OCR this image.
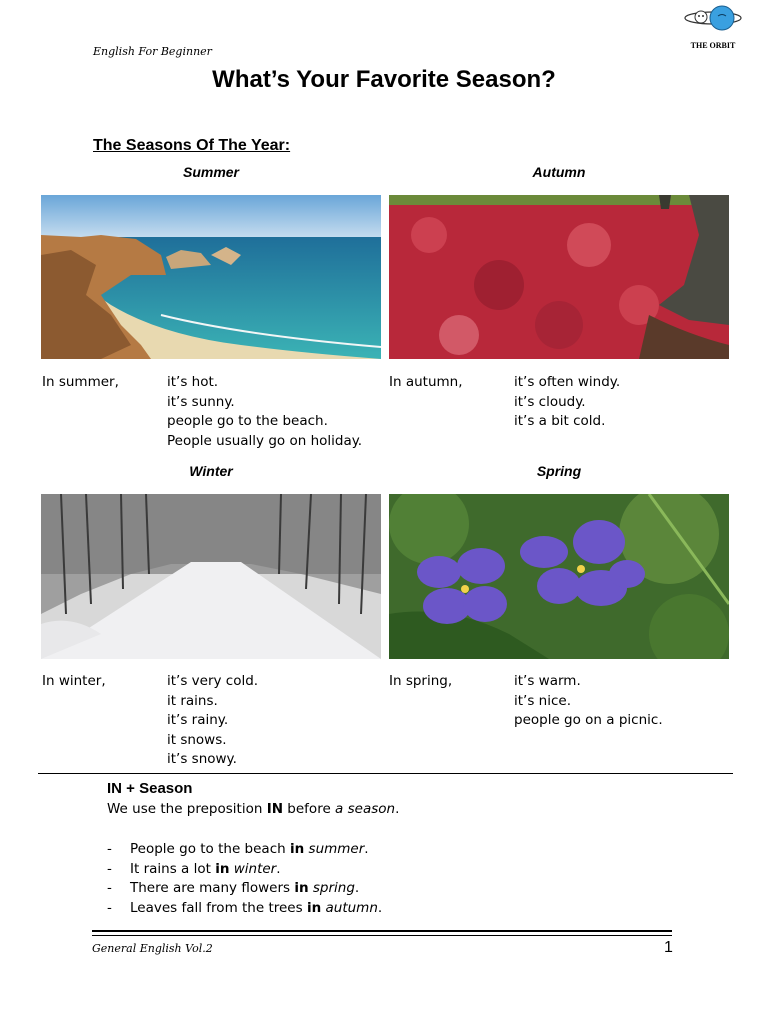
English For Beginner	THE ORBIT
What’s Your Favorite Season?
The Seasons Of The Year:
Summer	Autumn
Winter	Spring
In summer,	it’s hot.
it’s sunny.
people go to the beach.
People usually go on holiday.
In autumn,	it’s often windy.
it’s cloudy.
it’s a bit cold.
In winter,	it’s very cold.
it rains.
it’s rainy.
it snows.
it’s snowy.
In spring,	it’s warm.
it’s nice.
people go on a picnic.
IN + Season
We use the preposition IN before a season.
- People go to the beach in summer.
- It rains a lot in winter.
- There are many flowers in spring.
- Leaves fall from the trees in autumn.
General English Vol.2	1
